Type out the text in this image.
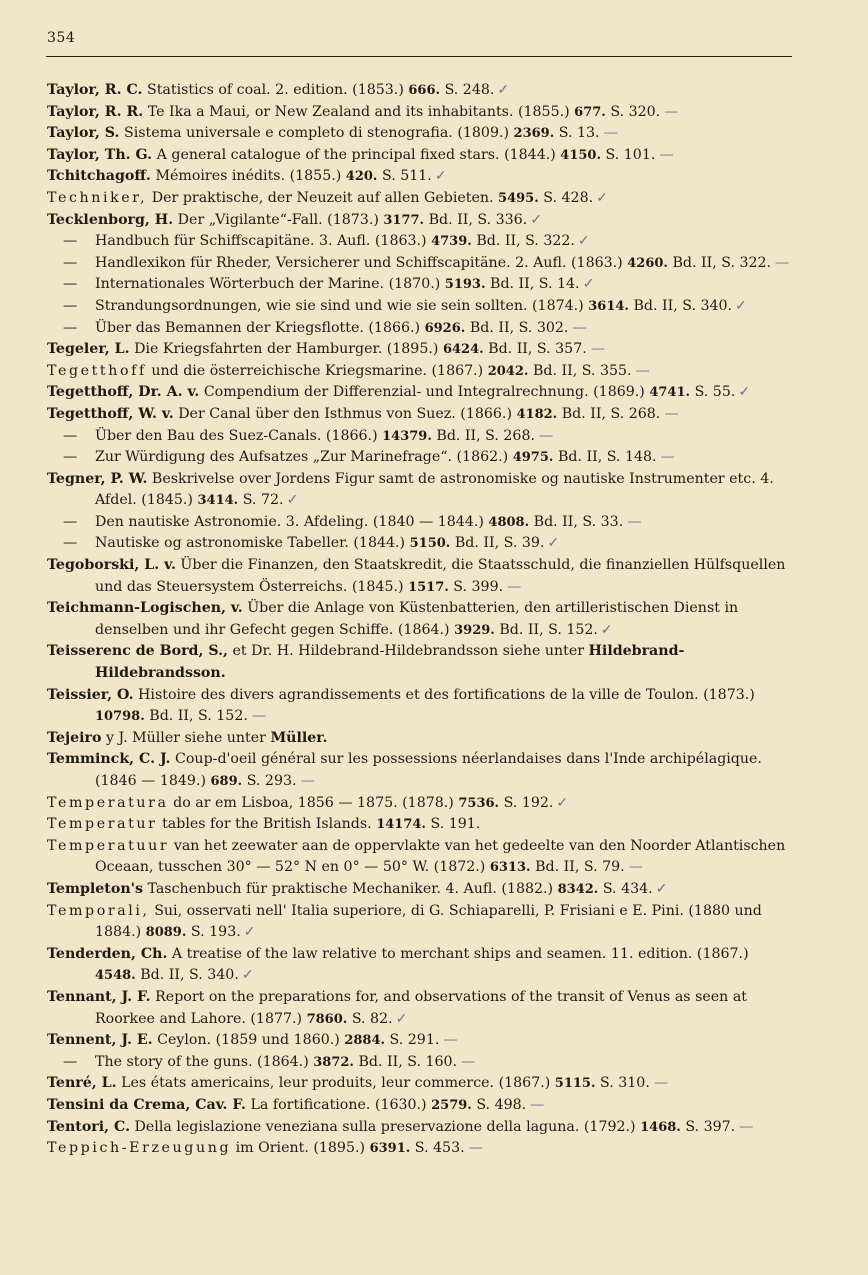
354

Taylor, R. C. Statistics of coal. 2. edition. (1853.) 666. S. 248. ✓

Taylor, R. R. Te Ika a Maui, or New Zealand and its inhabitants. (1855.) 677. S. 320. —

Taylor, S. Sistema universale e completo di stenografia. (1809.) 2369. S. 13. —

Taylor, Th. G. A general catalogue of the principal fixed stars. (1844.) 4150. S. 101. —

Tchitchagoff. Mémoires inédits. (1855.) 420. S. 511. ✓

Techniker, Der praktische, der Neuzeit auf allen Gebieten. 5495. S. 428. ✓

Tecklenborg, H. Der „Vigilante“-Fall. (1873.) 3177. Bd. II, S. 336. ✓

— Handbuch für Schiffscapitäne. 3. Aufl. (1863.) 4739. Bd. II, S. 322. ✓

— Handlexikon für Rheder, Versicherer und Schiffscapitäne. 2. Aufl. (1863.) 4260. Bd. II, S. 322. —

— Internationales Wörterbuch der Marine. (1870.) 5193. Bd. II, S. 14. ✓

— Strandungsordnungen, wie sie sind und wie sie sein sollten. (1874.) 3614. Bd. II, S. 340. ✓

— Über das Bemannen der Kriegsflotte. (1866.) 6926. Bd. II, S. 302. —

Tegeler, L. Die Kriegsfahrten der Hamburger. (1895.) 6424. Bd. II, S. 357. —

Tegetthoff und die österreichische Kriegsmarine. (1867.) 2042. Bd. II, S. 355. —

Tegetthoff, Dr. A. v. Compendium der Differenzial- und Integralrechnung. (1869.) 4741. S. 55. ✓

Tegetthoff, W. v. Der Canal über den Isthmus von Suez. (1866.) 4182. Bd. II, S. 268. —

— Über den Bau des Suez-Canals. (1866.) 14379. Bd. II, S. 268. —

— Zur Würdigung des Aufsatzes „Zur Marinefrage“. (1862.) 4975. Bd. II, S. 148. —

Tegner, P. W. Beskrivelse over Jordens Figur samt de astronomiske og nautiske Instrumenter etc. 4. Afdel. (1845.) 3414. S. 72. ✓

— Den nautiske Astronomie. 3. Afdeling. (1840 — 1844.) 4808. Bd. II, S. 33. —

— Nautiske og astronomiske Tabeller. (1844.) 5150. Bd. II, S. 39. ✓

Tegoborski, L. v. Über die Finanzen, den Staatskredit, die Staatsschuld, die finanziellen Hülfsquellen und das Steuersystem Österreichs. (1845.) 1517. S. 399. —

Teichmann-Logischen, v. Über die Anlage von Küstenbatterien, den artilleristischen Dienst in denselben und ihr Gefecht gegen Schiffe. (1864.) 3929. Bd. II, S. 152. ✓

Teisserenc de Bord, S., et Dr. H. Hildebrand-Hildebrandsson siehe unter Hildebrand-Hildebrandsson.

Teissier, O. Histoire des divers agrandissements et des fortifications de la ville de Toulon. (1873.) 10798. Bd. II, S. 152. —

Tejeiro y J. Müller siehe unter Müller.

Temminck, C. J. Coup-d'oeil général sur les possessions néerlandaises dans l'Inde archipélagique. (1846 — 1849.) 689. S. 293. —

Temperatura do ar em Lisboa, 1856 — 1875. (1878.) 7536. S. 192. ✓

Temperatur tables for the British Islands. 14174. S. 191.

Temperatuur van het zeewater aan de oppervlakte van het gedeelte van den Noorder Atlantischen Oceaan, tusschen 30° — 52° N en 0° — 50° W. (1872.) 6313. Bd. II, S. 79. —

Templeton's Taschenbuch für praktische Mechaniker. 4. Aufl. (1882.) 8342. S. 434. ✓

Temporali, Sui, osservati nell' Italia superiore, di G. Schiaparelli, P. Frisiani e E. Pini. (1880 und 1884.) 8089. S. 193. ✓

Tenderden, Ch. A treatise of the law relative to merchant ships and seamen. 11. edition. (1867.) 4548. Bd. II, S. 340. ✓

Tennant, J. F. Report on the preparations for, and observations of the transit of Venus as seen at Roorkee and Lahore. (1877.) 7860. S. 82. ✓

Tennent, J. E. Ceylon. (1859 und 1860.) 2884. S. 291. —

— The story of the guns. (1864.) 3872. Bd. II, S. 160. —

Tenré, L. Les états americains, leur produits, leur commerce. (1867.) 5115. S. 310. —

Tensini da Crema, Cav. F. La fortificatione. (1630.) 2579. S. 498. —

Tentori, C. Della legislazione veneziana sulla preservazione della laguna. (1792.) 1468. S. 397. —

Teppich-Erzeugung im Orient. (1895.) 6391. S. 453. —
